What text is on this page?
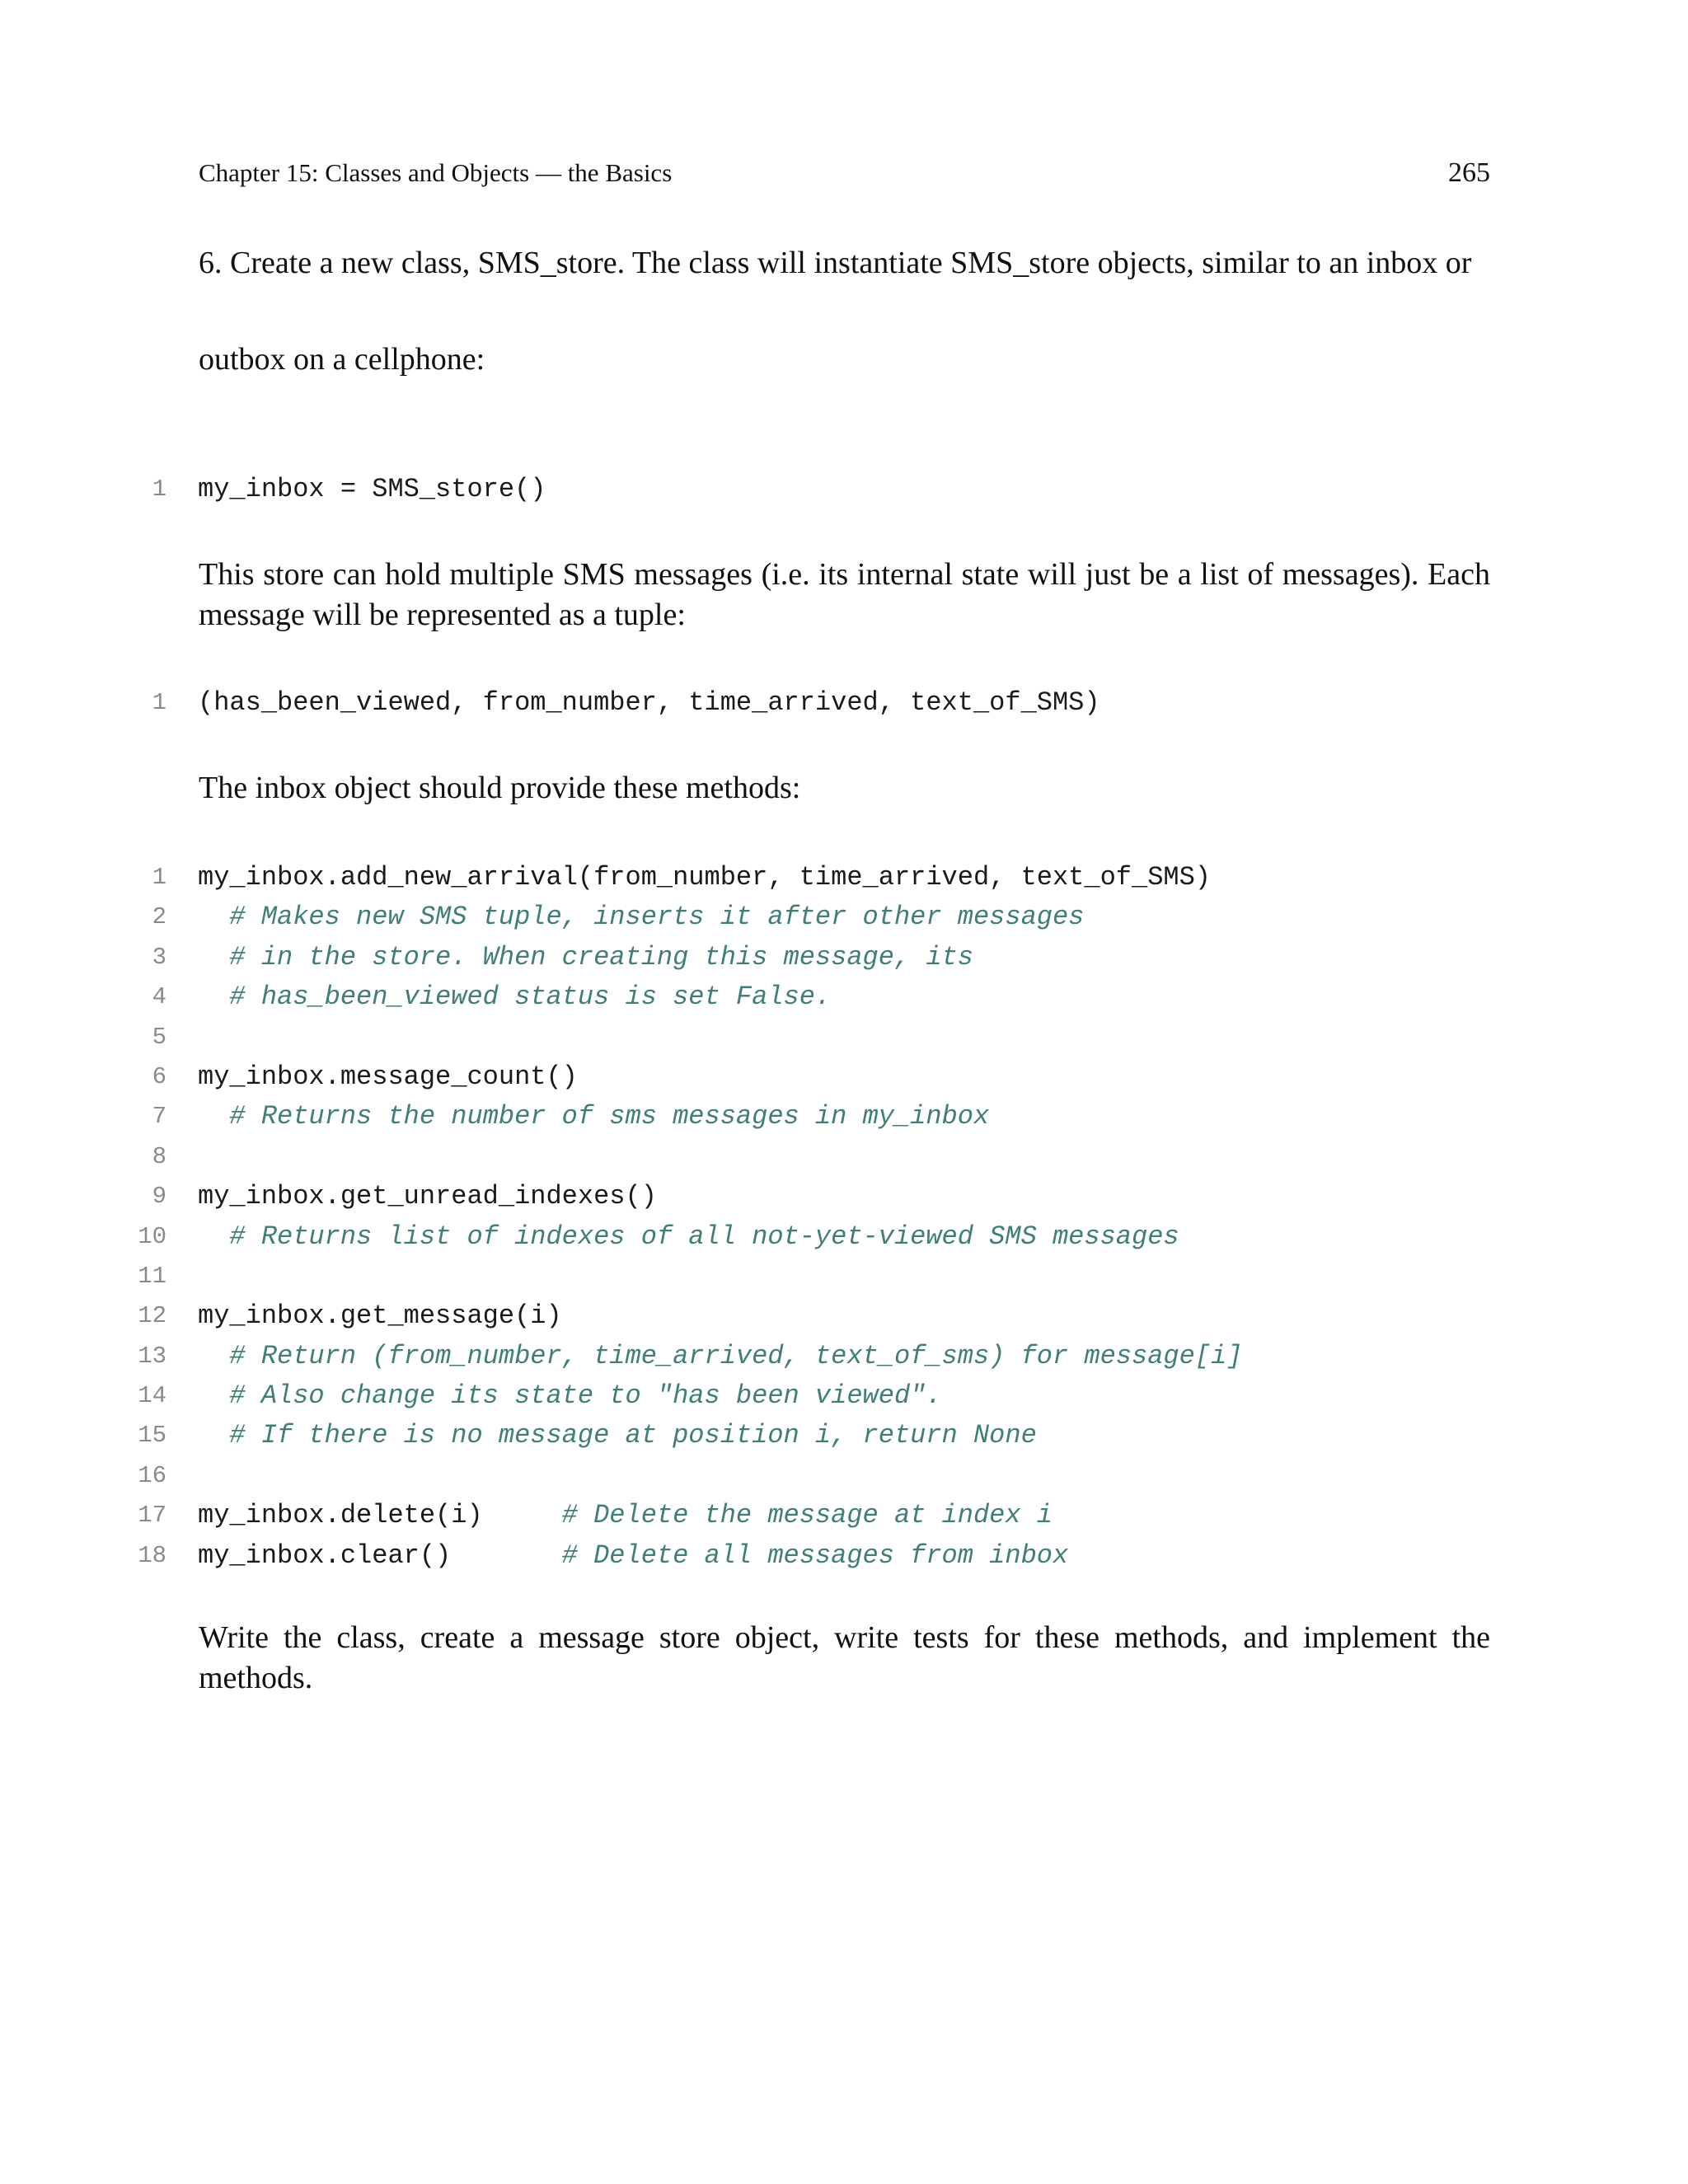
Chapter 15: Classes and Objects — the Basics	265

6. Create a new class, SMS_store. The class will instantiate SMS_store objects, similar to an inbox or

outbox on a cellphone:

1 my_inbox = SMS_store()

This store can hold multiple SMS messages (i.e. its internal state will just be a list of messages). Each message will be represented as a tuple:

1 (has_been_viewed, from_number, time_arrived, text_of_SMS)

The inbox object should provide these methods:

1 my_inbox.add_new_arrival(from_number, time_arrived, text_of_SMS)
2	# Makes new SMS tuple, inserts it after other messages
3	# in the store. When creating this message, its
4	# has_been_viewed status is set False.
5
6 my_inbox.message_count()
7	# Returns the number of sms messages in my_inbox
8
9 my_inbox.get_unread_indexes()
10	# Returns list of indexes of all not-yet-viewed SMS messages
11
12 my_inbox.get_message(i)
13	# Return (from_number, time_arrived, text_of_sms) for message[i]
14	# Also change its state to "has been viewed".
15	# If there is no message at position i, return None
16
17 my_inbox.delete(i)     # Delete the message at index i
18 my_inbox.clear()       # Delete all messages from inbox

Write the class, create a message store object, write tests for these methods, and implement the methods.
